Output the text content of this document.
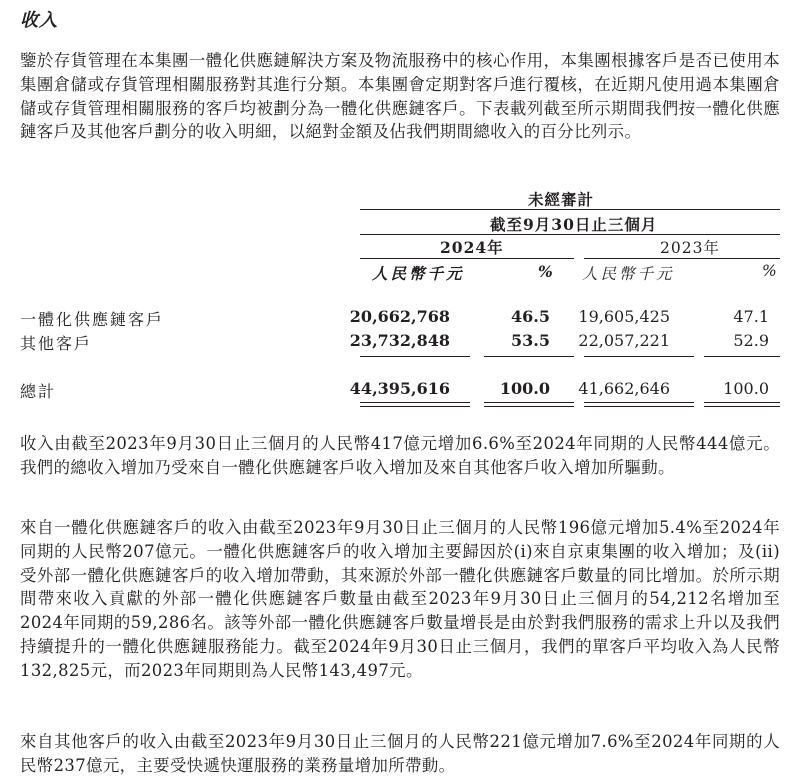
收入

鑒於存貨管理在本集團一體化供應鏈解決方案及物流服務中的核心作用，本集團根據客戶是否已使用本集團倉儲或存貨管理相關服務對其進行分類。本集團會定期對客戶進行覆核，在近期凡使用過本集團倉儲或存貨管理相關服務的客戶均被劃分為一體化供應鏈客戶。下表載列截至所示期間我們按一體化供應鏈客戶及其他客戶劃分的收入明細，以絕對金額及佔我們期間總收入的百分比列示。

未經審計
截至9月30日止三個月
2024年	2023年
人民幣千元	% 人民幣千元	%
一體化供應鏈客戶	20,662,768	46.5	19,605,425	47.1
其他客戶	23,732,848	53.5	22,057,221	52.9
總計	44,395,616	100.0	41,662,646	100.0

收入由截至2023年9月30日止三個月的人民幣417億元增加6.6%至2024年同期的人民幣444億元。我們的總收入增加乃受來自一體化供應鏈客戶收入增加及來自其他客戶收入增加所驅動。

來自一體化供應鏈客戶的收入由截至2023年9月30日止三個月的人民幣196億元增加5.4%至2024年同期的人民幣207億元。一體化供應鏈客戶的收入增加主要歸因於(i)來自京東集團的收入增加；及(ii)受外部一體化供應鏈客戶的收入增加帶動，其來源於外部一體化供應鏈客戶數量的同比增加。於所示期間帶來收入貢獻的外部一體化供應鏈客戶數量由截至2023年9月30日止三個月的54,212名增加至2024年同期的59,286名。該等外部一體化供應鏈客戶數量增長是由於對我們服務的需求上升以及我們持續提升的一體化供應鏈服務能力。截至2024年9月30日止三個月，我們的單客戶平均收入為人民幣132,825元，而2023年同期則為人民幣143,497元。

來自其他客戶的收入由截至2023年9月30日止三個月的人民幣221億元增加7.6%至2024年同期的人民幣237億元，主要受快遞快運服務的業務量增加所帶動。
